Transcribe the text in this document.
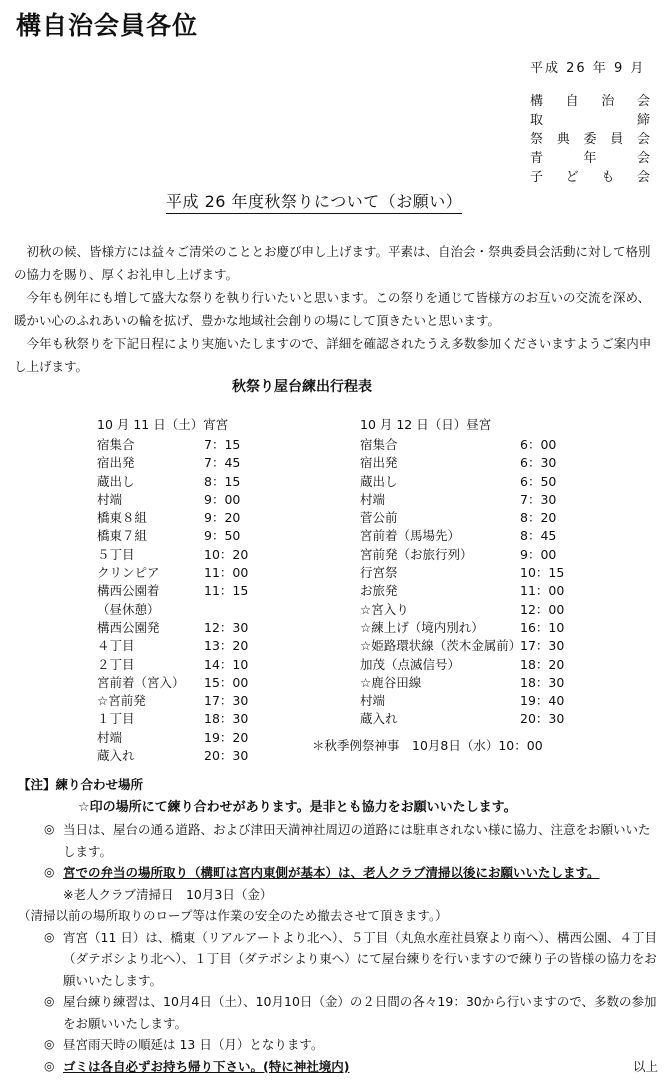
構自治会員各位
平成 26 年 9 月
構 自 治 会
取	締
祭 典 委 員 会
青	年	会
子 ど も 会
平成 26 年度秋祭りについて（お願い）

初秋の候、皆様方には益々ご清栄のこととお慶び申し上げます。平素は、自治会・祭典委員会活動に対して格別の協力を賜り、厚くお礼申し上げます。

今年も例年にも増して盛大な祭りを執り行いたいと思います。この祭りを通じて皆様方のお互いの交流を深め、暖かい心のふれあいの輪を拡げ、豊かな地域社会創りの場にして頂きたいと思います。

今年も秋祭りを下記日程により実施いたしますので、詳細を確認されたうえ多数参加くださいますようご案内申し上げます。

秋祭り屋台練出行程表
10 月 11 日（土）宵宮
宿集合	7：15
宿出発	7：45
蔵出し	8：15
村端	9：00
橋東８組	9：20
橋東７組	9：50
５丁目	10：20
クリンピア	11：00
構西公園着	11：15
（昼休憩）
構西公園発	12：30
４丁目	13：20
２丁目	14：10
宮前着（宮入） 15：00
☆宮前発	17：30
１丁目	18：30
村端	19：20
蔵入れ	20：30
10 月 12 日（日）昼宮
宿集合	6：00
宿出発	6：30
蔵出し	6：50
村端	7：30
菅公前	8：20
宮前着（馬場先）	8：45
宮前発（お旅行列）	9：00
行宮祭	10：15
お旅発	11：00
☆宮入り	12：00
☆練上げ（境内別れ）	16：10
☆姫路環状線（茨木金属前）
17：30
加茂（点滅信号）	18：20
☆鹿谷田線	18：30
村端	19：40
蔵入れ	20：30
＊秋季例祭神事　10月8日（水）10：00
【注】練り合わせ場所
☆印の場所にて練り合わせがあります。是非とも協力をお願いいたします。
◎ 当日は、屋台の通る道路、および津田天満神社周辺の道路には駐車されない様に協力、注意をお願いいたします。
◎ 宮での弁当の場所取り（構町は宮内東側が基本）は、老人クラブ清掃以後にお願いいたします。
※老人クラブ清掃日　10月3日（金）
（清掃以前の場所取りのロープ等は作業の安全のため撤去させて頂きます。）
◎ 宵宮（11 日）は、橋東（リアルアートより北へ）、５丁目（丸魚水産社員寮より南へ）、構西公園、４丁目（ダテボシより北へ）、１丁目（ダテボシより東へ）にて屋台練りを行いますので練り子の皆様の協力をお願いいたします。
◎ 屋台練り練習は、10月4日（土）、10月10日（金）の２日間の各々19：30から行いますので、多数の参加をお願いいたします。
◎ 昼宮雨天時の順延は 13 日（月）となります。
◎ ゴミは各自必ずお持ち帰り下さい。(特に神社境内)	以上
